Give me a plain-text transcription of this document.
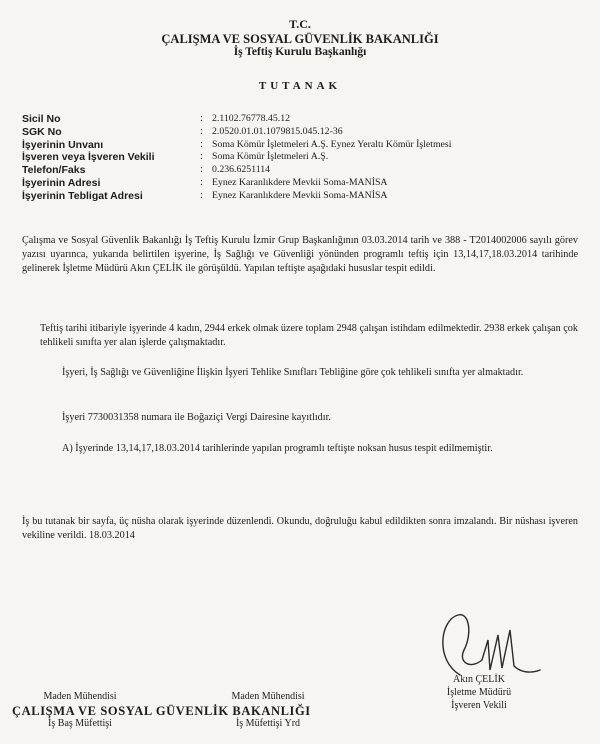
T.C.
ÇALIŞMA VE SOSYAL GÜVENLİK BAKANLIĞI
İş Teftiş Kurulu Başkanlığı
TUTANAK
Sicil No	: 2.1102.76778.45.12
SGK No	: 2.0520.01.01.1079815.045.12-36
İşyerinin Unvanı	: Soma Kömür İşletmeleri A.Ş. Eynez Yeraltı Kömür İşletmesi
İşveren veya İşveren Vekili	: Soma Kömür İşletmeleri A.Ş.
Telefon/Faks	: 0.236.6251114
İşyerinin Adresi	: Eynez Karanlıkdere Mevkii Soma-MANİSA
İşyerinin Tebligat Adresi	: Eynez Karanlıkdere Mevkii Soma-MANİSA
Çalışma ve Sosyal Güvenlik Bakanlığı İş Teftiş Kurulu İzmir Grup Başkanlığının 03.03.2014 tarih ve 388 - T2014002006 sayılı görev yazısı uyarınca, yukarıda belirtilen işyerine, İş Sağlığı ve Güvenliği yönünden programlı teftiş için 13,14,17,18.03.2014 tarihinde gelinerek İşletme Müdürü Akın ÇELİK ile görüşüldü. Yapılan teftişte aşağıdaki hususlar tespit edildi.
Teftiş tarihi itibariyle işyerinde 4 kadın, 2944 erkek olmak üzere toplam 2948 çalışan istihdam edilmektedir. 2938 erkek çalışan çok tehlikeli sınıfta yer alan işlerde çalışmaktadır.
İşyeri, İş Sağlığı ve Güvenliğine İlişkin İşyeri Tehlike Sınıfları Tebliğine göre çok tehlikeli sınıfta yer almaktadır.
İşyeri 7730031358 numara ile Boğaziçi Vergi Dairesine kayıtlıdır.
A) İşyerinde 13,14,17,18.03.2014 tarihlerinde yapılan programlı teftişte noksan husus tespit edilmemiştir.
İş bu tutanak bir sayfa, üç nüsha olarak işyerinde düzenlendi. Okundu, doğruluğu kabul edildikten sonra imzalandı. Bir nüshası işveren vekiline verildi. 18.03.2014
Maden Mühendisi
ÇALIŞMA VE SOSYAL GÜVENLİK BAKANLIĞI
İş Baş Müfettişi
Maden Mühendisi
İş Müfettişi Yrd
Akın ÇELİK
İşletme Müdürü
İşveren Vekili
